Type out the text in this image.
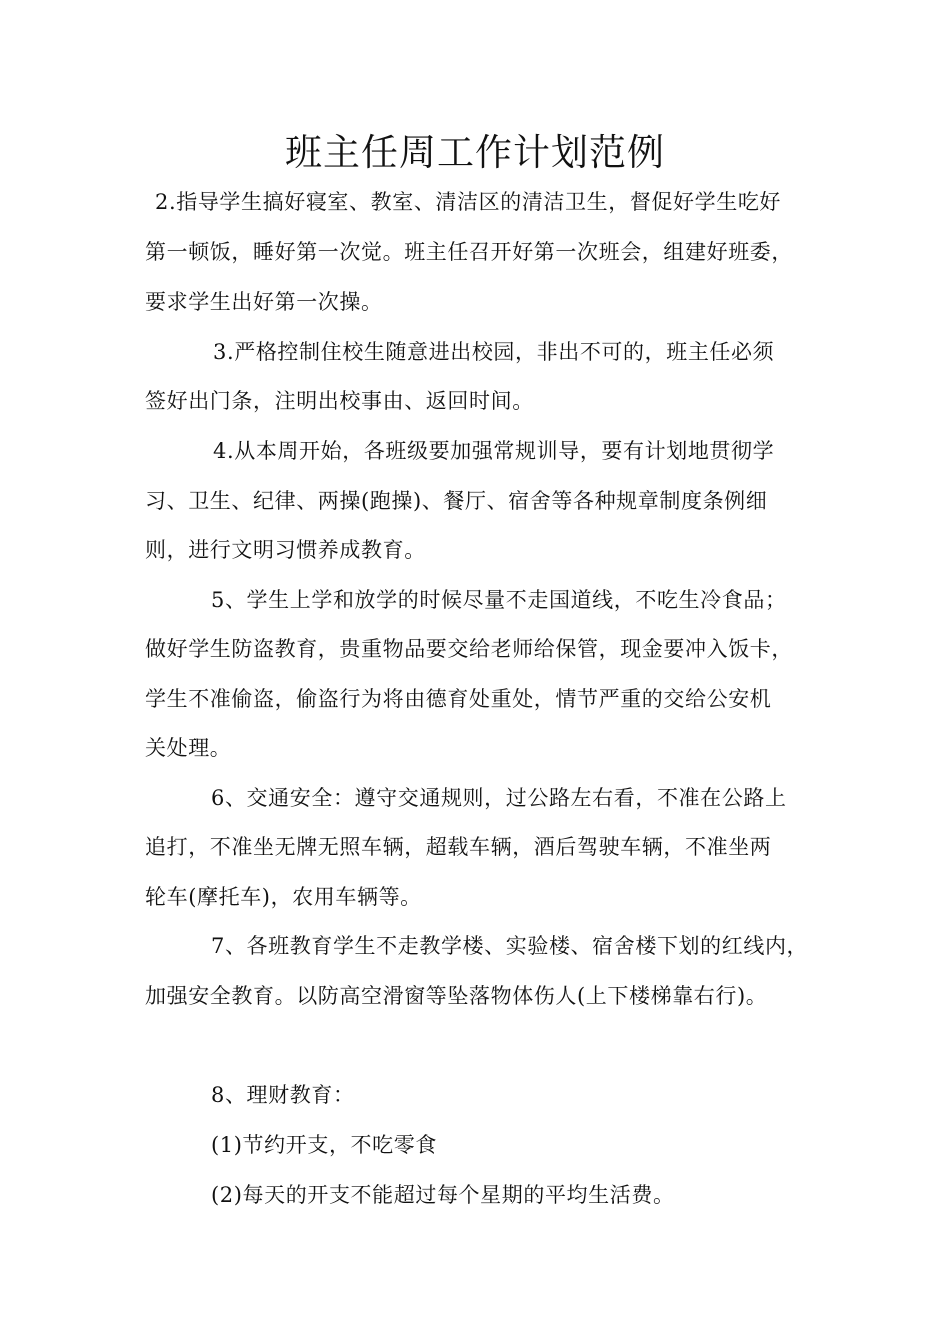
班主任周工作计划范例
2.指导学生搞好寝室、教室、清洁区的清洁卫生，督促好学生吃好
第一顿饭，睡好第一次觉。班主任召开好第一次班会，组建好班委，
要求学生出好第一次操。
3.严格控制住校生随意进出校园，非出不可的，班主任必须
签好出门条，注明出校事由、返回时间。
4.从本周开始，各班级要加强常规训导，要有计划地贯彻学
习、卫生、纪律、两操(跑操)、餐厅、宿舍等各种规章制度条例细
则，进行文明习惯养成教育。
5、学生上学和放学的时候尽量不走国道线，不吃生冷食品；
做好学生防盗教育，贵重物品要交给老师给保管，现金要冲入饭卡，
学生不准偷盗，偷盗行为将由德育处重处，情节严重的交给公安机
关处理。
6、交通安全：遵守交通规则，过公路左右看，不准在公路上
追打，不准坐无牌无照车辆，超载车辆，酒后驾驶车辆，不准坐两
轮车(摩托车)，农用车辆等。
7、各班教育学生不走教学楼、实验楼、宿舍楼下划的红线内，
加强安全教育。以防高空滑窗等坠落物体伤人(上下楼梯靠右行)。
8、理财教育：
(1)节约开支，不吃零食
(2)每天的开支不能超过每个星期的平均生活费。
